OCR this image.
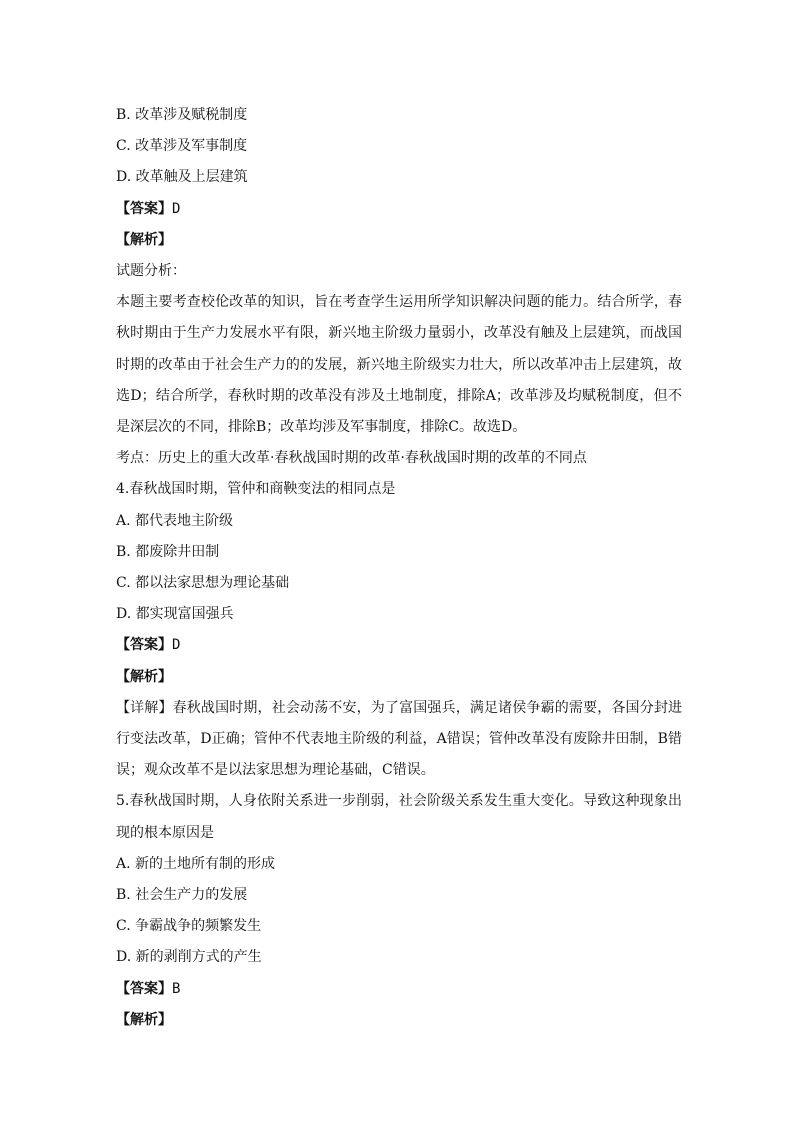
B. 改革涉及赋税制度
C. 改革涉及军事制度
D. 改革触及上层建筑
【答案】D
【解析】
试题分析：
本题主要考查校伦改革的知识，旨在考查学生运用所学知识解决问题的能力。结合所学，春秋时期由于生产力发展水平有限，新兴地主阶级力量弱小，改革没有触及上层建筑，而战国时期的改革由于社会生产力的的发展，新兴地主阶级实力壮大，所以改革冲击上层建筑，故选D；结合所学，春秋时期的改革没有涉及土地制度，排除A；改革涉及均赋税制度，但不是深层次的不同，排除B；改革均涉及军事制度，排除C。故选D。
考点：历史上的重大改革·春秋战国时期的改革·春秋战国时期的改革的不同点
4.春秋战国时期，管仲和商鞅变法的相同点是
A. 都代表地主阶级
B. 都废除井田制
C. 都以法家思想为理论基础
D. 都实现富国强兵
【答案】D
【解析】
【详解】春秋战国时期，社会动荡不安，为了富国强兵，满足诸侯争霸的需要，各国分封进行变法改革，D正确；管仲不代表地主阶级的利益，A错误；管仲改革没有废除井田制，B错误；观众改革不是以法家思想为理论基础，C错误。
5.春秋战国时期，人身依附关系进一步削弱，社会阶级关系发生重大变化。导致这种现象出现的根本原因是
A. 新的土地所有制的形成
B. 社会生产力的发展
C. 争霸战争的频繁发生
D. 新的剥削方式的产生
【答案】B
【解析】
